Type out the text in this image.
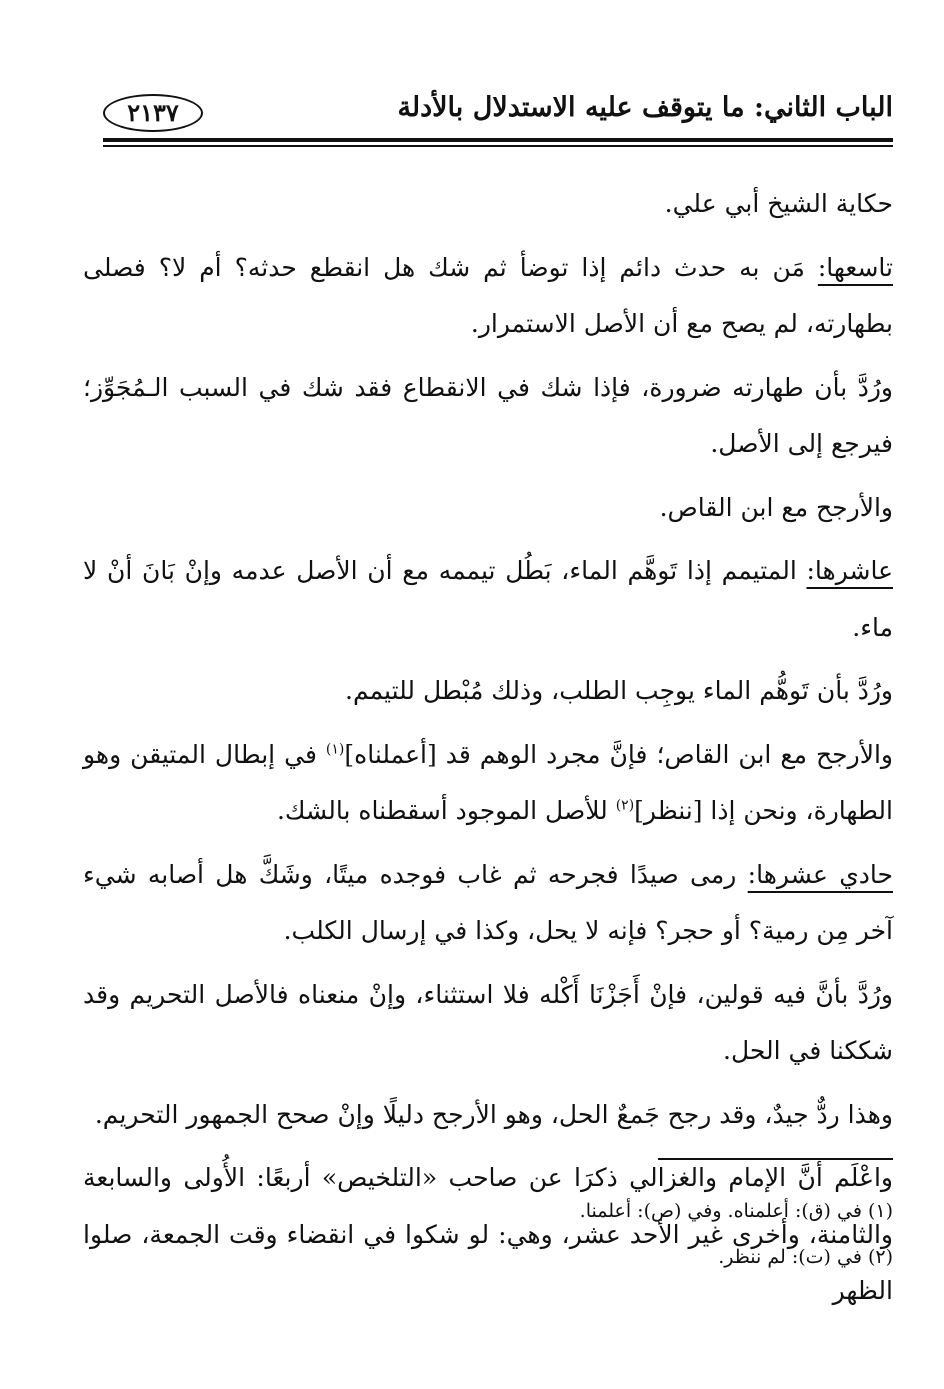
الباب الثاني: ما يتوقف عليه الاستدلال بالأدلة
٢١٣٧

حكاية الشيخ أبي علي.

تاسعها: مَن به حدث دائم إذا توضأ ثم شك هل انقطع حدثه؟ أم لا؟ فصلى بطهارته، لم يصح مع أن الأصل الاستمرار.

ورُدَّ بأن طهارته ضرورة، فإذا شك في الانقطاع فقد شك في السبب الـمُجَوِّز؛ فيرجع إلى الأصل.

والأرجح مع ابن القاص.

عاشرها: المتيمم إذا تَوهَّم الماء، بَطُل تيممه مع أن الأصل عدمه وإنْ بَانَ أنْ لا ماء.

ورُدَّ بأن تَوهُّم الماء يوجِب الطلب، وذلك مُبْطل للتيمم.

والأرجح مع ابن القاص؛ فإنَّ مجرد الوهم قد [أعملناه]$^{(١)}$ في إبطال المتيقن وهو الطهارة، ونحن إذا [ننظر]$^{(٢)}$ للأصل الموجود أسقطناه بالشك.

حادي عشرها: رمى صيدًا فجرحه ثم غاب فوجده ميتًا، وشَكَّ هل أصابه شيء آخر مِن رمية؟ أو حجر؟ فإنه لا يحل، وكذا في إرسال الكلب.

ورُدَّ بأنَّ فيه قولين، فإنْ أَجَزْنَا أَكْله فلا استثناء، وإنْ منعناه فالأصل التحريم وقد شككنا في الحل.

وهذا ردٌّ جيدٌ، وقد رجح جَمعٌ الحل، وهو الأرجح دليلًا وإنْ صحح الجمهور التحريم.

واعْلَم أنَّ الإمام والغزالي ذكرَا عن صاحب «التلخيص» أربعًا: الأُولى والسابعة والثامنة، وأخرى غير الأحد عشر، وهي: لو شكوا في انقضاء وقت الجمعة، صلوا الظهر

(١) في (ق): أعلمناه. وفي (ص): أعلمنا.
(٢) في (ت): لم ننظر.
